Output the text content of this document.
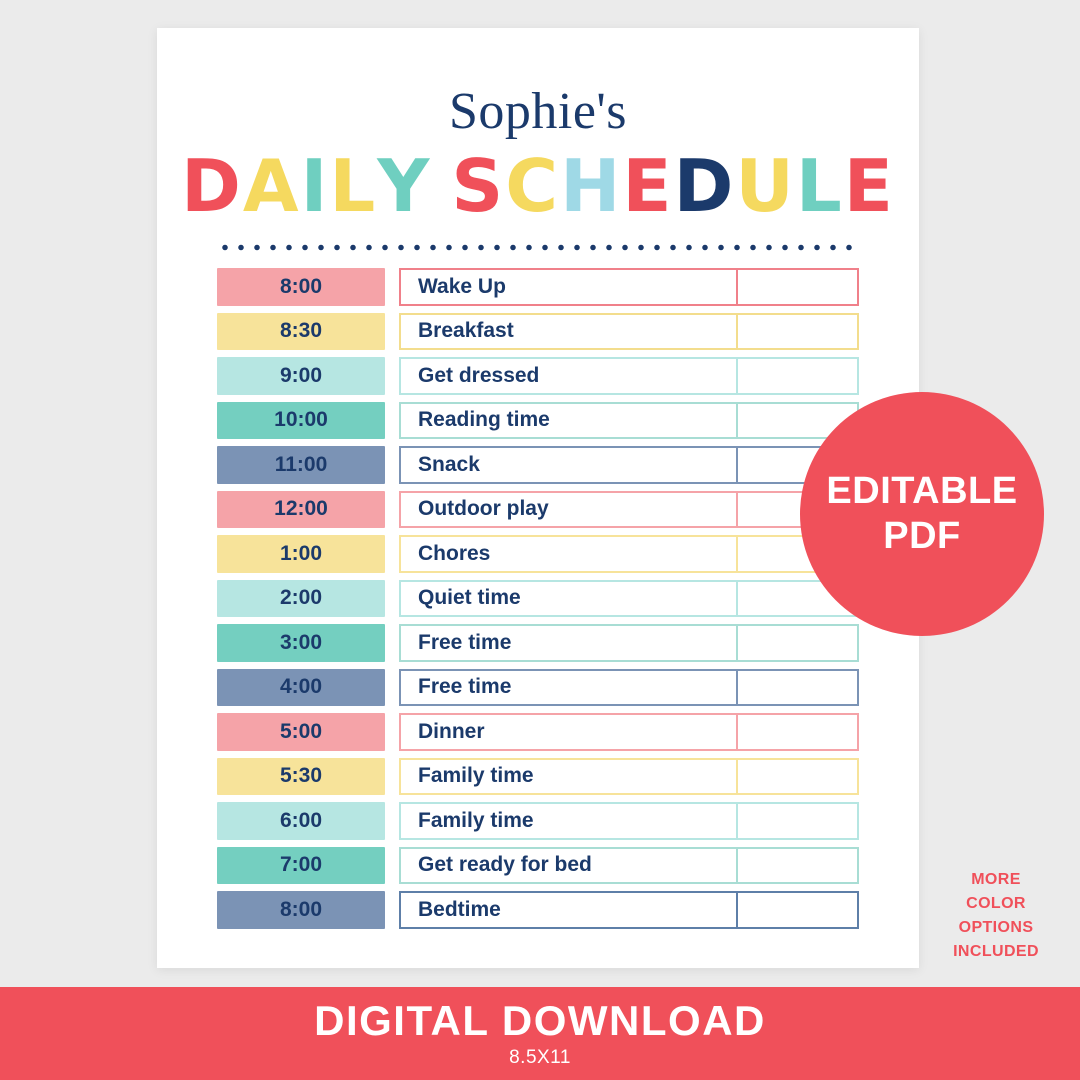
Sophie's
DAILY SCHEDULE
8:00	Wake Up
8:30	Breakfast
9:00	Get dressed
10:00	Reading time
11:00	Snack
12:00	Outdoor play
1:00	Chores
2:00	Quiet time
3:00	Free time
4:00	Free time
5:00	Dinner
5:30	Family time
6:00	Family time
7:00	Get ready for bed
8:00	Bedtime
EDITABLE
PDF
MORE
COLOR
OPTIONS
INCLUDED
DIGITAL DOWNLOAD
8.5X11
